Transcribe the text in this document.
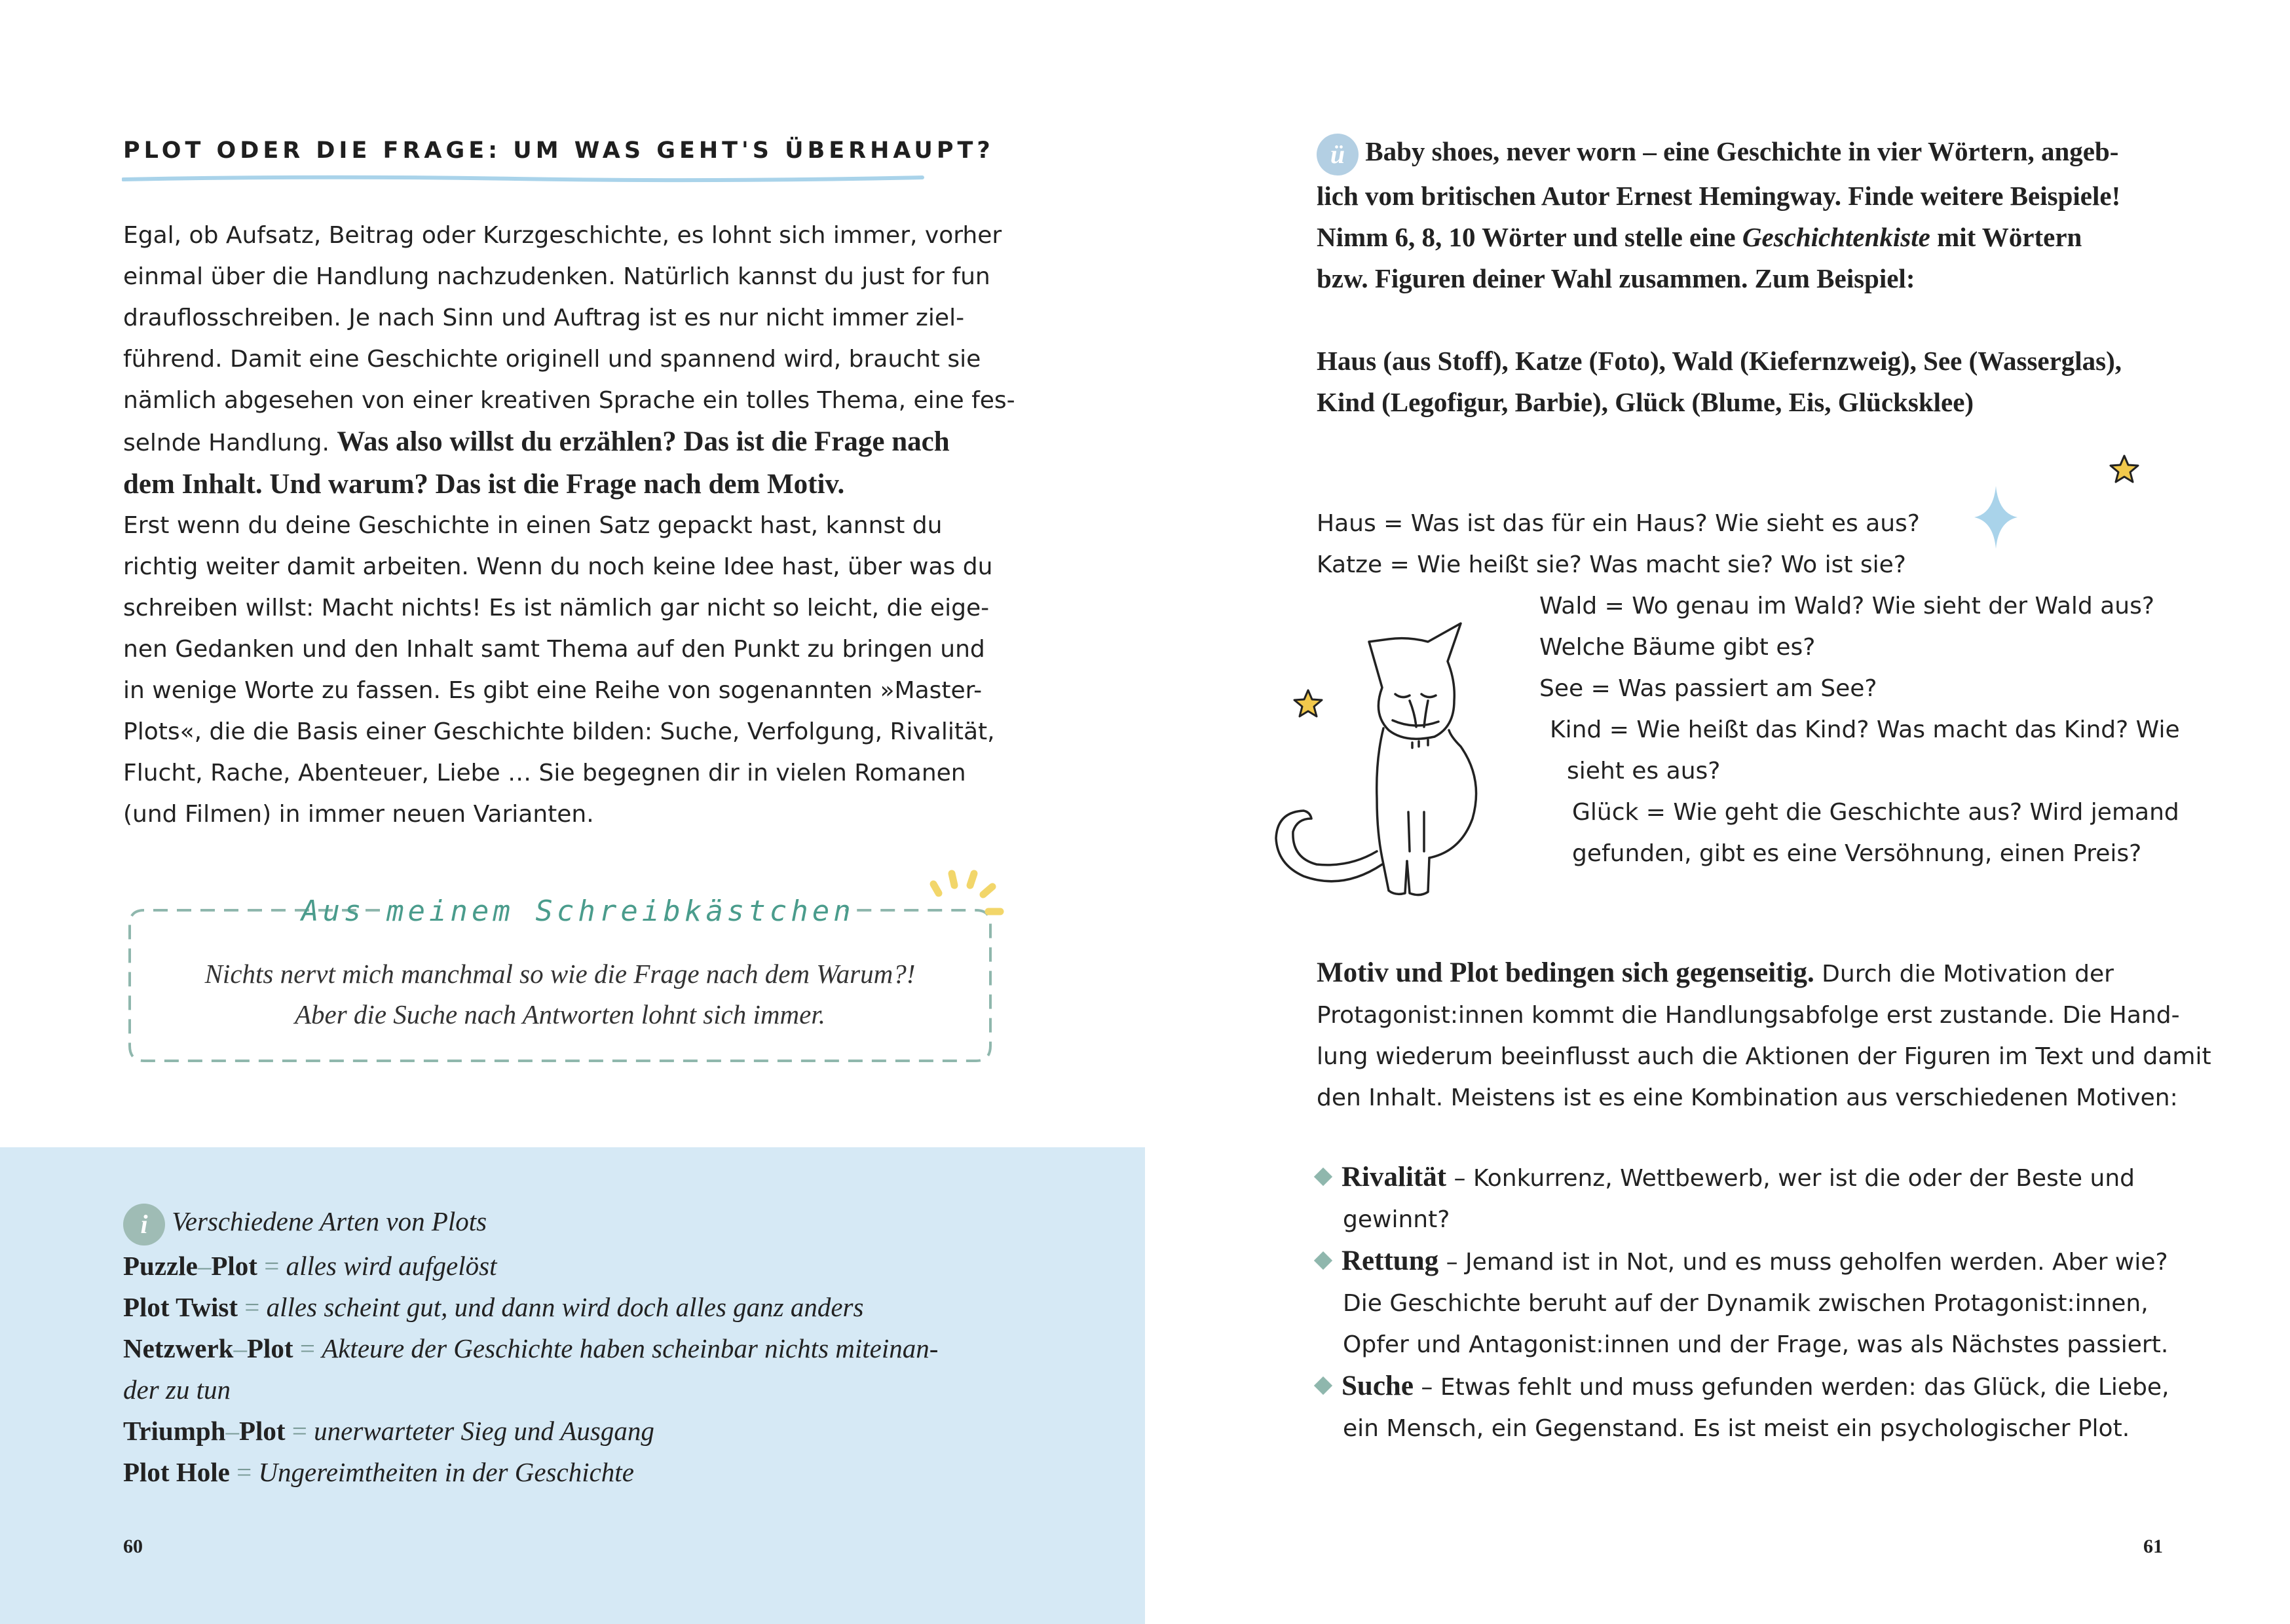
PLOT ODER DIE FRAGE: UM WAS GEHT'S ÜBERHAUPT?
Egal, ob Aufsatz, Beitrag oder Kurzgeschichte, es lohnt sich immer, vorher
einmal über die Handlung nachzudenken. Natürlich kannst du just for fun
drauflosschreiben. Je nach Sinn und Auftrag ist es nur nicht immer ziel-
führend. Damit eine Geschichte originell und spannend wird, braucht sie
nämlich abgesehen von einer kreativen Sprache ein tolles Thema, eine fes-
selnde Handlung. Was also willst du erzählen? Das ist die Frage nach
dem Inhalt. Und warum? Das ist die Frage nach dem Motiv.
Erst wenn du deine Geschichte in einen Satz gepackt hast, kannst du
richtig weiter damit arbeiten. Wenn du noch keine Idee hast, über was du
schreiben willst: Macht nichts! Es ist nämlich gar nicht so leicht, die eige-
nen Gedanken und den Inhalt samt Thema auf den Punkt zu bringen und
in wenige Worte zu fassen. Es gibt eine Reihe von sogenannten »Master-
Plots«, die die Basis einer Geschichte bilden: Suche, Verfolgung, Rivalität,
Flucht, Rache, Abenteuer, Liebe … Sie begegnen dir in vielen Romanen
(und Filmen) in immer neuen Varianten.
Aus meinem Schreibkästchen
Nichts nervt mich manchmal so wie die Frage nach dem Warum?!
Aber die Suche nach Antworten lohnt sich immer.
i Verschiedene Arten von Plots
Puzzle–Plot = alles wird aufgelöst
Plot Twist = alles scheint gut, und dann wird doch alles ganz anders
Netzwerk–Plot = Akteure der Geschichte haben scheinbar nichts miteinan-
der zu tun
Triumph–Plot = unerwarteter Sieg und Ausgang
Plot Hole = Ungereimtheiten in der Geschichte
60
ü Baby shoes, never worn – eine Geschichte in vier Wörtern, angeb-
lich vom britischen Autor Ernest Hemingway. Finde weitere Beispiele!
Nimm 6, 8, 10 Wörter und stelle eine Geschichtenkiste mit Wörtern
bzw. Figuren deiner Wahl zusammen. Zum Beispiel:
Haus (aus Stoff), Katze (Foto), Wald (Kiefernzweig), See (Wasserglas),
Kind (Legofigur, Barbie), Glück (Blume, Eis, Glücksklee)
Haus = Was ist das für ein Haus? Wie sieht es aus?
Katze = Wie heißt sie? Was macht sie? Wo ist sie?
Wald = Wo genau im Wald? Wie sieht der Wald aus?
Welche Bäume gibt es?
See = Was passiert am See?
Kind = Wie heißt das Kind? Was macht das Kind? Wie
sieht es aus?
Glück = Wie geht die Geschichte aus? Wird jemand
gefunden, gibt es eine Versöhnung, einen Preis?
Motiv und Plot bedingen sich gegenseitig. Durch die Motivation der
Protagonist:innen kommt die Handlungsabfolge erst zustande. Die Hand-
lung wiederum beeinflusst auch die Aktionen der Figuren im Text und damit
den Inhalt. Meistens ist es eine Kombination aus verschiedenen Motiven:
Rivalität – Konkurrenz, Wettbewerb, wer ist die oder der Beste und
gewinnt?
Rettung – Jemand ist in Not, und es muss geholfen werden. Aber wie?
Die Geschichte beruht auf der Dynamik zwischen Protagonist:innen,
Opfer und Antagonist:innen und der Frage, was als Nächstes passiert.
Suche – Etwas fehlt und muss gefunden werden: das Glück, die Liebe,
ein Mensch, ein Gegenstand. Es ist meist ein psychologischer Plot.
61
